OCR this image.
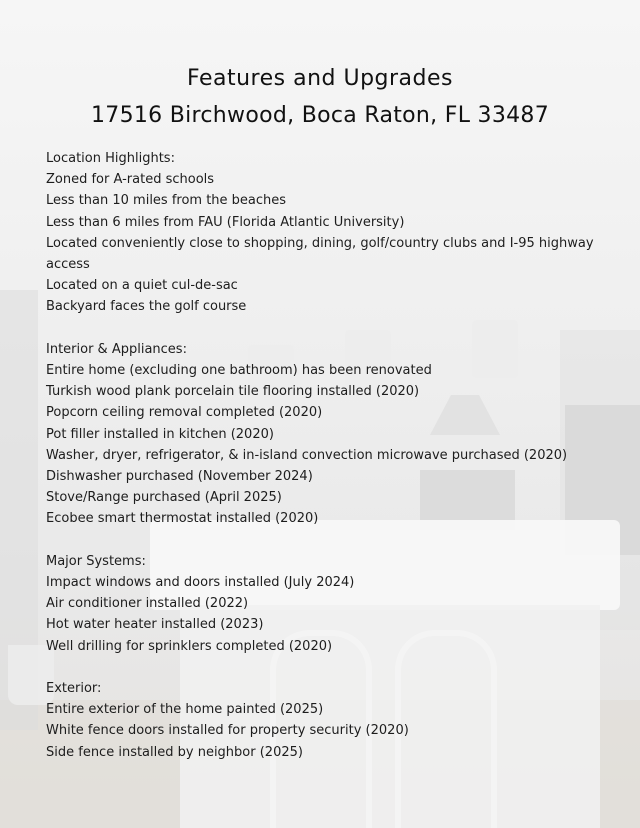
Features and Upgrades
17516 Birchwood, Boca Raton, FL 33487
Location Highlights:
Zoned for A-rated schools
Less than 10 miles from the beaches
Less than 6 miles from FAU (Florida Atlantic University)
Located conveniently close to shopping, dining, golf/country clubs and I-95 highway access
Located on a quiet cul-de-sac
Backyard faces the golf course
Interior & Appliances:
Entire home (excluding one bathroom) has been renovated
Turkish wood plank porcelain tile flooring installed (2020)
Popcorn ceiling removal completed (2020)
Pot filler installed in kitchen (2020)
Washer, dryer, refrigerator, & in-island convection microwave purchased (2020)
Dishwasher purchased (November 2024)
Stove/Range purchased (April 2025)
Ecobee smart thermostat installed (2020)
Major Systems:
Impact windows and doors installed (July 2024)
Air conditioner installed (2022)
Hot water heater installed (2023)
Well drilling for sprinklers completed (2020)
Exterior:
Entire exterior of the home painted (2025)
White fence doors installed for property security (2020)
Side fence installed by neighbor (2025)
